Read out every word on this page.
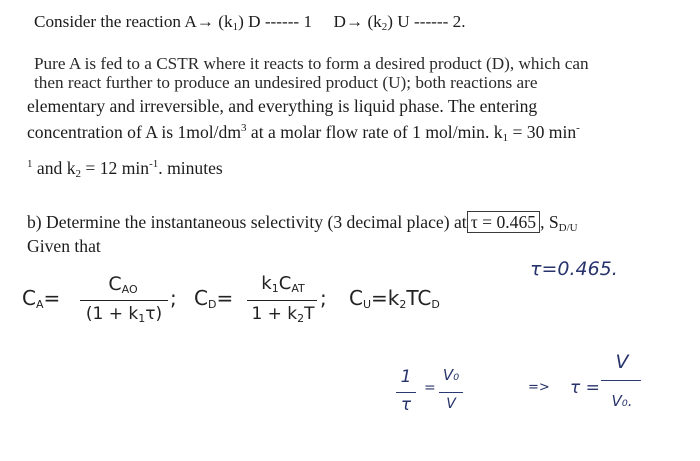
Consider the reaction $A\to (k_1)$ D ------ 1 $D\to (k_2)$ U ------ 2.
Pure A is fed to a CSTR where it reacts to form a desired product (D), which can
then react further to produce an undesired product (U); both reactions are
elementary and irreversible, and everything is liquid phase. The entering
concentration of A is $1mol/dm^3$ at a molar flow rate of 1 mol/min. $k_1 = 30$ min-
$^1$ and $k_2 = 12$ $\min^{-1}$. minutes
b) Determine the instantaneous selectivity (3 decimal place) at τ = 0.465 , $S_{D/U}$
Given that
τ=0.465.
$C_A=$
$C_{AO}$
$(1 + k_1\tau)$
; $C_D=$
$k_1C_{AT}$
$1 + k_2T$
; $C_U=k_2TC_D$
1
τ
=
V₀
V
=> τ =
V
V₀.
